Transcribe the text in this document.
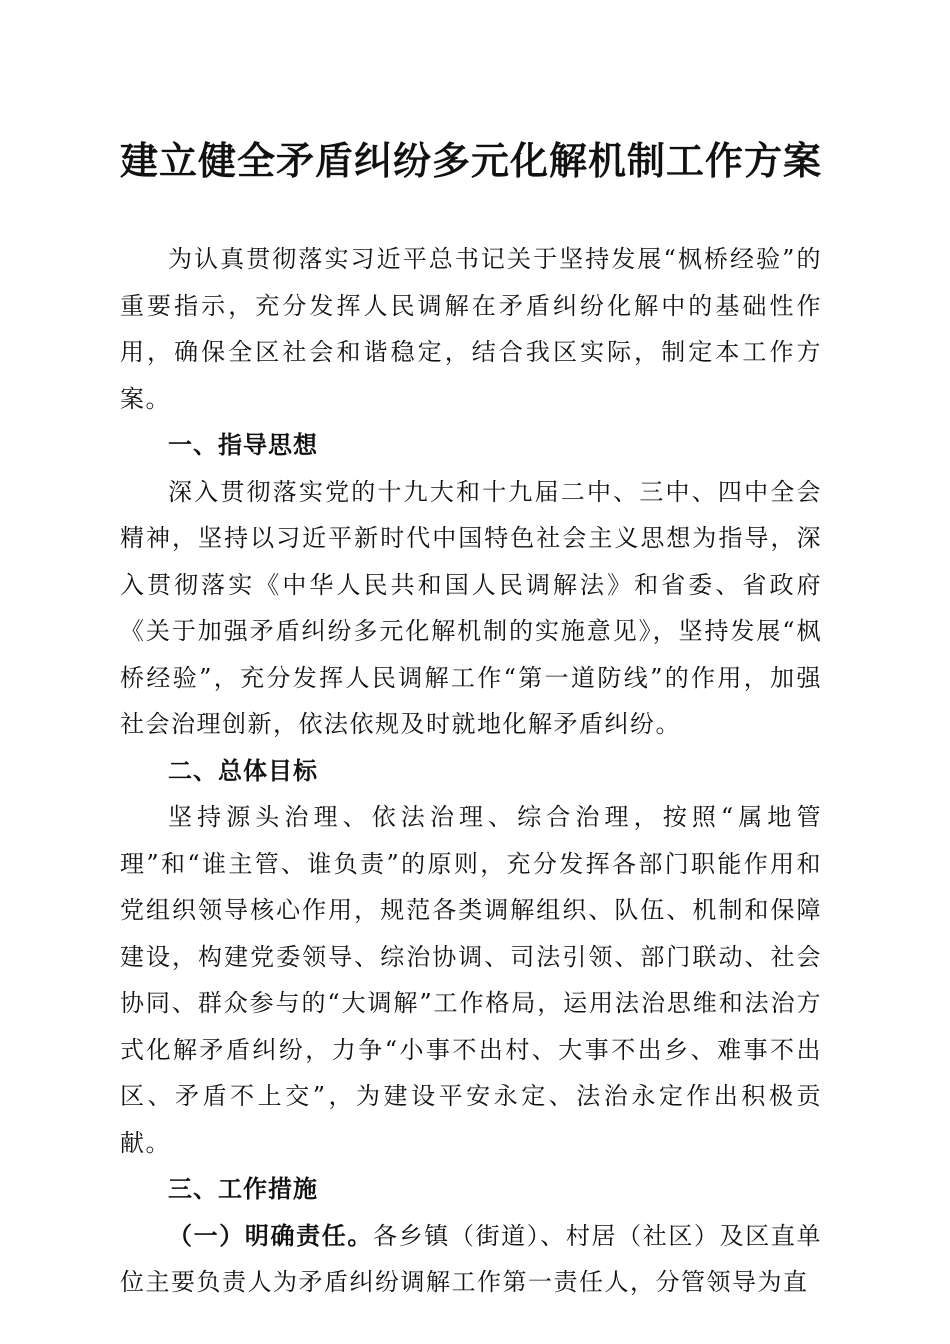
建立健全矛盾纠纷多元化解机制工作方案

为认真贯彻落实习近平总书记关于坚持发展“枫桥经验”的重要指示，充分发挥人民调解在矛盾纠纷化解中的基础性作用，确保全区社会和谐稳定，结合我区实际，制定本工作方案。

一、指导思想

深入贯彻落实党的十九大和十九届二中、三中、四中全会精神，坚持以习近平新时代中国特色社会主义思想为指导，深入贯彻落实《中华人民共和国人民调解法》和省委、省政府《关于加强矛盾纠纷多元化解机制的实施意见》，坚持发展“枫桥经验”，充分发挥人民调解工作“第一道防线”的作用，加强社会治理创新，依法依规及时就地化解矛盾纠纷。

二、总体目标

坚持源头治理、依法治理、综合治理，按照“属地管理”和“谁主管、谁负责”的原则，充分发挥各部门职能作用和党组织领导核心作用，规范各类调解组织、队伍、机制和保障建设，构建党委领导、综治协调、司法引领、部门联动、社会协同、群众参与的“大调解”工作格局，运用法治思维和法治方式化解矛盾纠纷，力争“小事不出村、大事不出乡、难事不出区、矛盾不上交”，为建设平安永定、法治永定作出积极贡献。

三、工作措施

（一）明确责任。各乡镇（街道）、村居（社区）及区直单位主要负责人为矛盾纠纷调解工作第一责任人，分管领导为直
